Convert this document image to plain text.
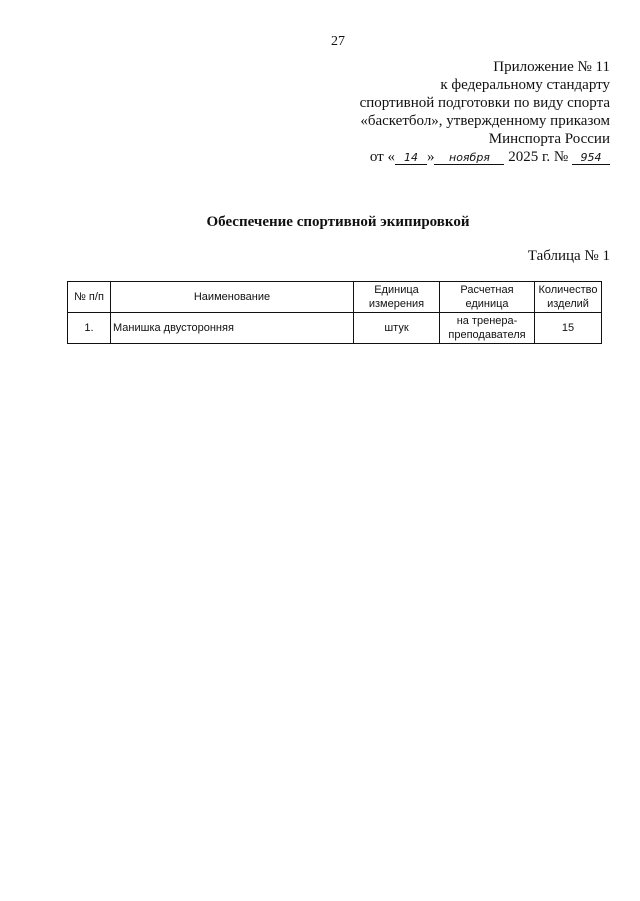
27
Приложение № 11
к федеральному стандарту
спортивной подготовки по виду спорта
«баскетбол», утвержденному приказом
Минспорта России
от « 14 » ноября 2025 г. № 954
Обеспечение спортивной экипировкой
Таблица № 1
№ п/п	Наименование	Единица измерения	Расчетная единица	Количество изделий
1.	Манишка двусторонняя	штук	на тренера-преподавателя	15
